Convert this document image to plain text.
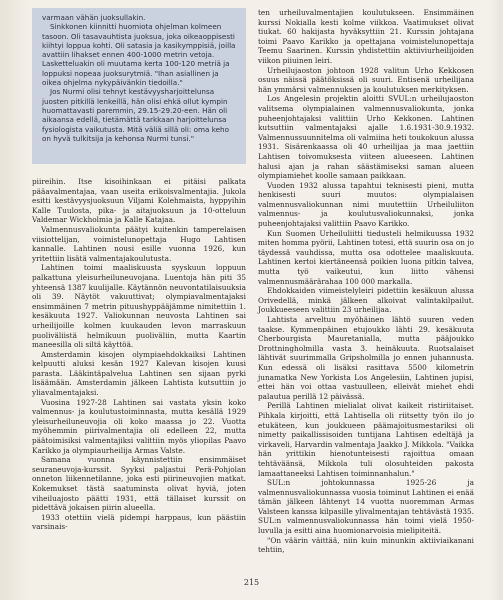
varmaan vähän juoksullakin.

Sinkkonen kiinnitti huomiota ohjelman kolmeen tasoon. Oli tasavauhtista juoksua, joka oikeaoppisesti kiihtyi loppua kohti. Oli satasia ja kasikymppisiä, joilla avattiin lihakset ennen 400-1000 metrin vetoja. Lasketteluakin oli muutama kerta 100-120 metriä ja loppuksi nopeaa juoksurytmiä. "Ihan asiallinen ja oikea ohjelma nykypäivänkin tiedoilla."

Jos Nurmi olisi tehnyt kestävyysharjoittelunsa juosten pitkillä lenkeillä, hän olisi ehkä ollut kympin huomattavasti paremmin, 29.15-29.20-een. Hän oli aikaansa edellä, tietämättä tarkkaan harjoittelunsa fysiologista vaikutusta. Mitä väliä sillä oli: oma keho on hyvä tulkitsija ja kehonsa Nurmi tunsi."

piireihin. Itse kisoihinkaan ei pitäisi palkata pääavalmentajaa, vaan useita erikoisvalmentajia. Jukola esitti kestävyysjuoksuun Viljami Kolehmaista, hyppyihin Kalle Tuulosta, pika- ja aitajuoksuun ja 10-otteluun Valdemar Wickholmia ja Kalle Katajaa.

Valmennusvaliokunta päätyi kuitenkin tamperelaisen viisiottelijan, voimistelunopettaja Hugo Lahtisen kannalle. Lahtinen nousi esille vuonna 1926, kun yritettiin lisätä valmentajakoulutusta.

Lahtinen toimi maaliskuusta syyskuun loppuun palkattuna yleisurheiluneuvojana. Luentoja hän piti 35 yhteensä 1387 kuulijalle. Käytännön neuvontatilaisuuksia oli 39. Näytöt vakuuttivat; olympiavalmentajaksi ensimmäinen 7 metrin pituushyppääjämme nimitettiin 1. kesäkuuta 1927. Valiokunnan neuvosta Lahtinen sai urheilijoille kolmen kuukauden levon marraskuun puoliväliistä helmikuun puoliväliin, mutta Kaartin maneesilla oli siltä käyttöä.

Amsterdamin kisojen olympiaehdokkaiksi Lahtinen kelpuutti aluksi kesän 1927 Kalevan kisojen kuusi parasta. Lääkintäpalvelua Lahtinen sen sijaan pyrki lisäämään. Amsterdamin jälkeen Lahtista kutsuttiin jo yliavalmentajaksi.

Vuosina 1927-28 Lahtinen sai vastata yksin koko valmennus- ja koulutustoiminnasta, mutta kesällä 1929 yleisurheiluneuvojia oli koko maassa jo 22. Vuotta myöhemmin piirivalmentajia oli edelleen 22, mutta päätoimisiksi valmentajiksi valittiin myös yliopilas Paavo Karikko ja olympiaurheilija Armas Valste.

Samana vuonna käynnistettiin ensimmäiset seuraneuvoja-kurssit. Syyksi paljastui Perä-Pohjolan onneton liikennetilanne, joka esti piirineuvojien matkat. Kokemukset tästä saatuminsta olivat hyviä, joten viheiluajosto päätti 1931, että tällaiset kurssit on pidettävä jokaisen piirin alueella.

1933 otettiin vielä pidempi harppaus, kun päästiin varsinais-

ten urheiluvalmentajien koulutukseen. Ensimmäinen kurssi Nokialla kesti kolme viikkoa. Vaatimukset olivat tiukat. 60 hakijasta hyväksyttiin 21. Kurssin johtajana toimi Paavo Karikko ja opettajana voimistelunopettaja Teemu Saarinen. Kurssin yhdistettiin aktiiviurheilijoiden viikon piiuinen leiri.

Urheilujaoston johtoon 1928 valitun Urho Kekkosen osuus näissä päätöksissä oli suuri. Entisenä urheilijana hän ymmärsi valmennuksen ja koulutuksen merkityksen.

Los Angelesin projektin aloitti SVUL:n urheilujaoston valitsema olympialainen valmennusvaliokunta, jonka puheenjohtajaksi valittiin Urho Kekkonen. Lahtinen kutsuttiin valmentajaksi ajalle 1.6.1931-30.9.1932. Valmennussuunnitelma oli valmiina heti toukokuun alussa 1931. Sisärenkaassa oli 40 urheilijaa ja maa jaettiin Lahtisen toivomuksesta viiteen alueeseen. Lahtinen halusi ajan ja rahan säästämiseksi saman alueen olympiamiehet koolle samaan paikkaan.

Vuoden 1932 alussa tapahtui teknisesti pieni, mutta henkisesti suuri muutos: olympialaisen valmennusvaliokunnan nimi muutettiin Urheiluliiton valmennus- ja koulutusvaliokunnaksi, jonka puheenjohtajaksi valittiin Paavo Karikko.

Kun Suomen Urheiluliitti tiedusteli helmikuussa 1932 miten homma pyörii, Lahtinen totesi, että suurin osa on jo täydessä vauhdissa, mutta osa odottelee maaliskuuta. Lahtinen kertoi kiertäneensä poikien luona pitkin talvea, mutta työ vaikeutui, kun liitto vähensi valmennusmäärärahaa 100 000 markalla.

Ehdokkaiden viimeistelyleiri pidettiin kesäkuun alussa Orivedellä, minkä jälkeen alkoivat valintakilpailut. Joukkueeseen valittiin 23 urheilijaa.

Lahtista arveltuu myöhäinen lähtö suuren veden taakse. Kymmenpäinen etujoukko lähti 29. kesäkuuta Cherbourgista Mauretanialla, mutta pääjoukko Drottningholmilla vasta 3. heinäkuuta. Ruotsalaiset lähtivät suurimmalla Gripsholmilla jo ennen juhannusta. Kun edessä oli lisäksi rasittava 5500 kilometrin junamatka New Yorkista Los Angelesiin, Lahtinen jupisi, ettei hän voi ottaa vastuulleen, elleivät miehet ehdi palautua perillä 12 päivässä.

Perillä Lahtinen mielialat olivat kaikeit ristiriitaiset. Pihkala kirjoitti, että Lahtisella oli riitsetty työn ilo jo etukäteen, kun joukkueen päämajoitusmestariksi oli nimetty paikallissisoiden tuntijana Lahtisen edeltäjä ja virkaveli, Harvardin valmentaja Jaakko J. Mikkola. "Vaikka hän yrittikin hienotunteisesti rajoittua omaan tehtäväänsä, Mikkola tuli olosuhteiden pakosta lamaattaneeksi Lahtisen toiminnanhalun."

SUL:n johtokunnassa 1925-26 ja valmennusvaliokunnassa vuosia toiminut Lahtinen ei enää tämän jälkeen lähtenyt 14 vuotta nuoremman Armas Valsteen kanssa kilpasille ylivalmentajan tehtävästä 1935. SUL:n valmennusvaliokunnassa hän toimi vielä 1950-luvulla ja esitti aina huomionarvoisia mielipiteitä.

"On väärin väittää, niin kuin minunkin aktiiviaikanani tehtiin,

215
